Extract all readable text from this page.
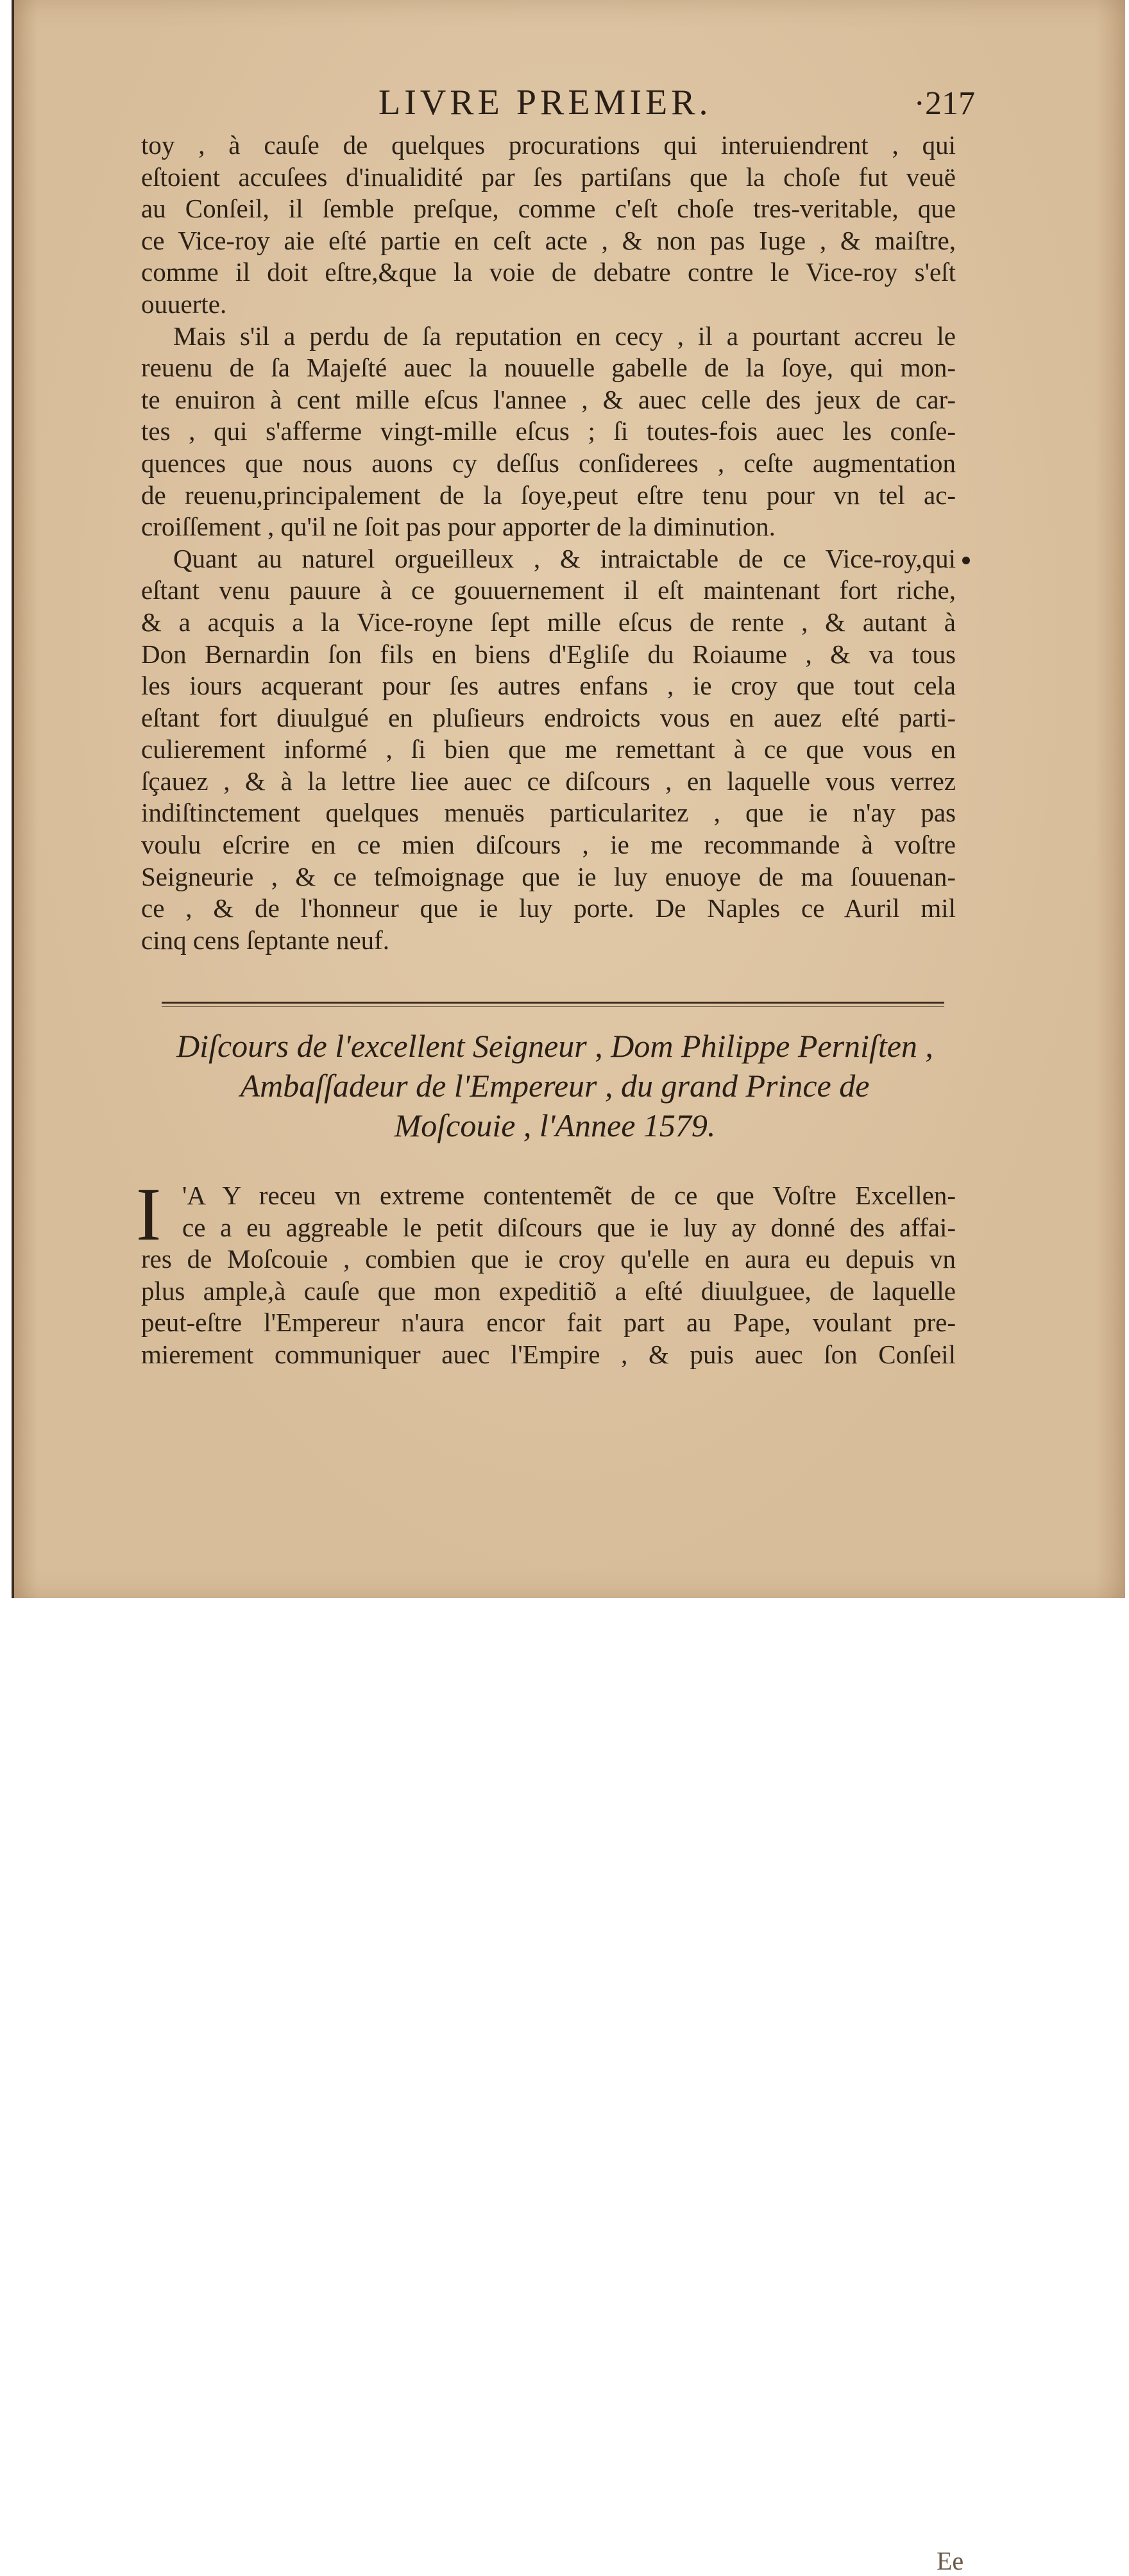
LIVRE PREMIER.	·217
toy , à cauſe de quelques procurations qui interuiendrent , qui
eſtoient accuſees d'inualidité par ſes partiſans que la choſe fut veuë
au Conſeil, il ſemble preſque, comme c'eſt choſe tres-veritable, que
ce Vice-roy aie eſté partie en ceſt acte , & non pas Iuge , & maiſtre,
comme il doit eſtre,&que la voie de debatre contre le Vice-roy s'eſt
ouuerte.
Mais s'il a perdu de ſa reputation en cecy , il a pourtant accreu le
reuenu de ſa Majeſté auec la nouuelle gabelle de la ſoye, qui mon-
te enuiron à cent mille eſcus l'annee , & auec celle des jeux de car-
tes , qui s'afferme vingt-mille eſcus ; ſi toutes-fois auec les conſe-
quences que nous auons cy deſſus conſiderees , ceſte augmentation
de reuenu,principalement de la ſoye,peut eſtre tenu pour vn tel ac-
croiſſement , qu'il ne ſoit pas pour apporter de la diminution.
Quant au naturel orgueilleux , & intraictable de ce Vice-roy,qui
eſtant venu pauure à ce gouuernement il eſt maintenant fort riche,
& a acquis a la Vice-royne ſept mille eſcus de rente , & autant à
Don Bernardin ſon fils en biens d'Egliſe du Roiaume , & va tous
les iours acquerant pour ſes autres enfans , ie croy que tout cela
eſtant fort diuulgué en pluſieurs endroicts vous en auez eſté parti-
culierement informé , ſi bien que me remettant à ce que vous en
ſçauez , & à la lettre liee auec ce diſcours , en laquelle vous verrez
indiſtinctement quelques menuës particularitez , que ie n'ay pas
voulu eſcrire en ce mien diſcours , ie me recommande à voſtre
Seigneurie , & ce teſmoignage que ie luy enuoye de ma ſouuenan-
ce , & de l'honneur que ie luy porte. De Naples ce Auril mil
cinq cens ſeptante neuf.
Diſcours de l'excellent Seigneur , Dom Philippe Perniſten ,
Ambaſſadeur de l'Empereur , du grand Prince de
Moſcouie , l'Annee 1579.
I 'A Y receu vn extreme contentemẽt de ce que Voſtre Excellen-
ce a eu aggreable le petit diſcours que ie luy ay donné des affai-
res de Moſcouie , combien que ie croy qu'elle en aura eu depuis vn
plus ample,à cauſe que mon expeditiõ a eſté diuulguee, de laquelle
peut-eſtre l'Empereur n'aura encor fait part au Pape, voulant pre-
mierement communiquer auec l'Empire , & puis auec ſon Conſeil
Ee
